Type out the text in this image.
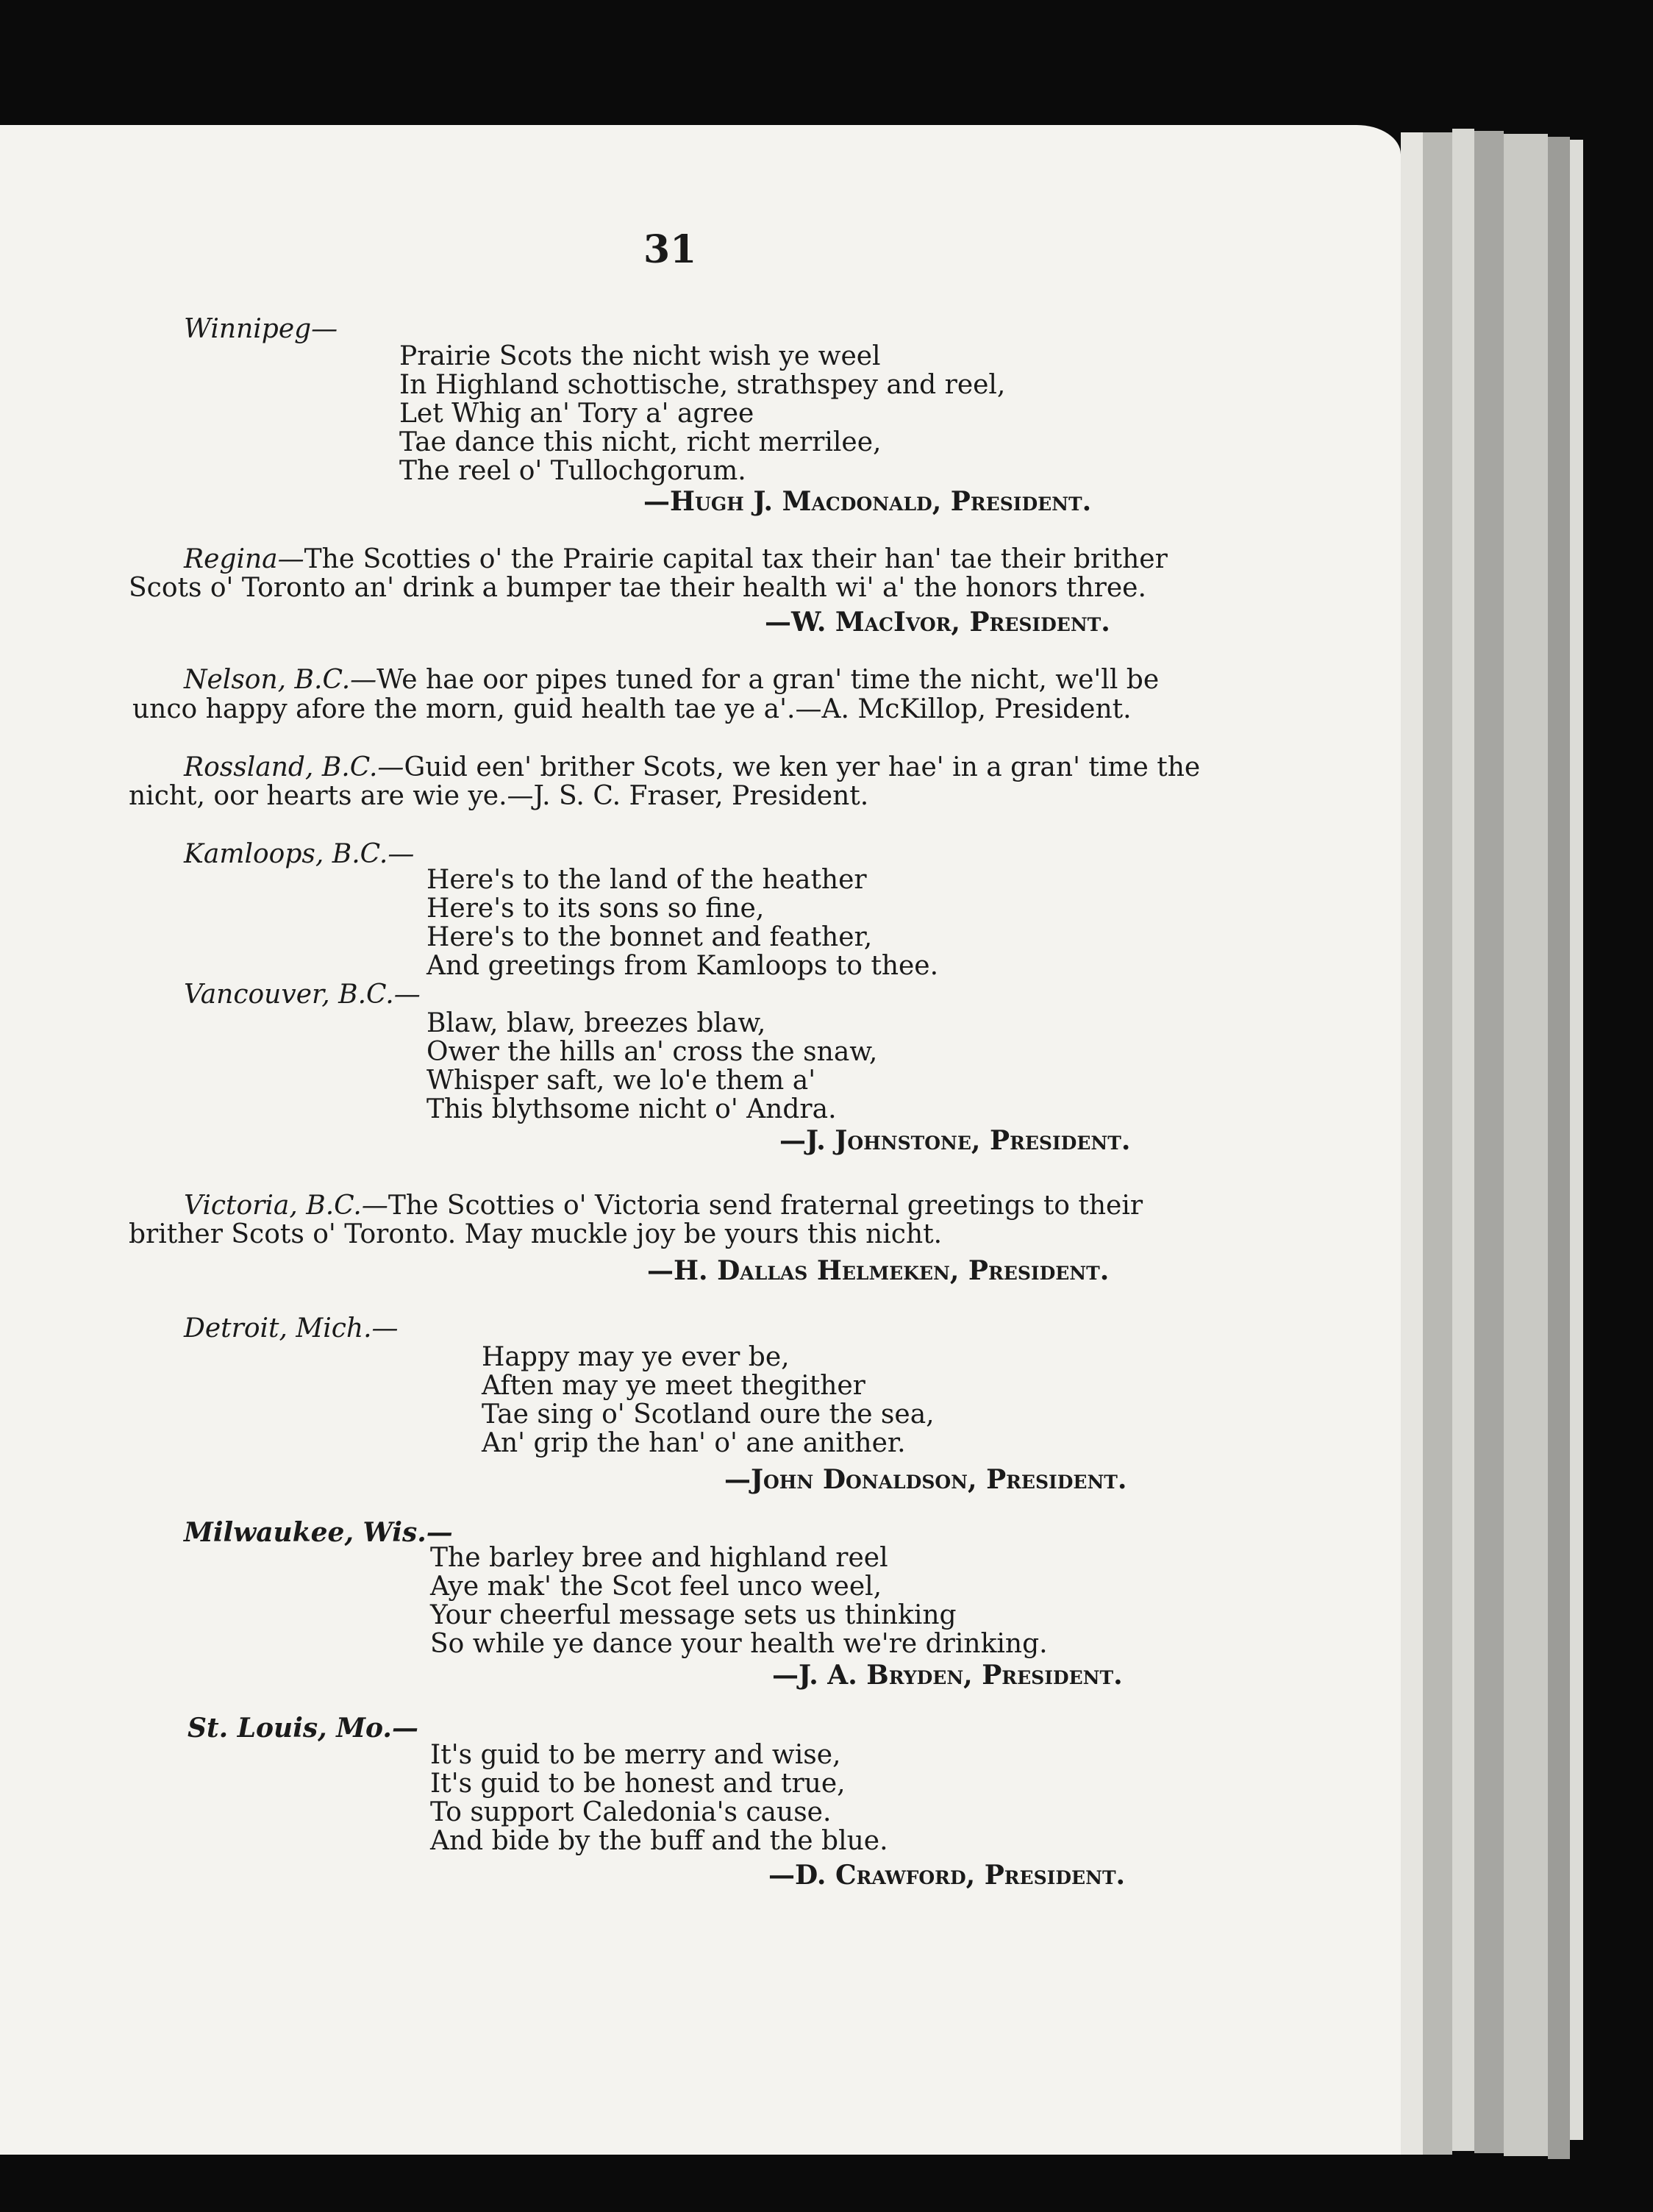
31
Winnipeg—
Prairie Scots the nicht wish ye weel
In Highland schottische, strathspey and reel,
Let Whig an' Tory a' agree
Tae dance this nicht, richt merrilee,
The reel o' Tullochgorum.
—Hugh J. Macdonald, President.
Regina—The Scotties o' the Prairie capital tax their han' tae their brither
Scots o' Toronto an' drink a bumper tae their health wi' a' the honors three.
—W. MacIvor, President.
Nelson, B.C.—We hae oor pipes tuned for a gran' time the nicht, we'll be
unco happy afore the morn, guid health tae ye a'.—A. McKillop, President.
Rossland, B.C.—Guid een' brither Scots, we ken yer hae' in a gran' time the
nicht, oor hearts are wie ye.—J. S. C. Fraser, President.
Kamloops, B.C.—
Here's to the land of the heather
Here's to its sons so fine,
Here's to the bonnet and feather,
And greetings from Kamloops to thee.
Vancouver, B.C.—
Blaw, blaw, breezes blaw,
Ower the hills an' cross the snaw,
Whisper saft, we lo'e them a'
This blythsome nicht o' Andra.
—J. Johnstone, President.
Victoria, B.C.—The Scotties o' Victoria send fraternal greetings to their
brither Scots o' Toronto. May muckle joy be yours this nicht.
—H. Dallas Helmeken, President.
Detroit, Mich.—
Happy may ye ever be,
Aften may ye meet thegither
Tae sing o' Scotland oure the sea,
An' grip the han' o' ane anither.
—John Donaldson, President.
Milwaukee, Wis.—
The barley bree and highland reel
Aye mak' the Scot feel unco weel,
Your cheerful message sets us thinking
So while ye dance your health we're drinking.
—J. A. Bryden, President.
St. Louis, Mo.—
It's guid to be merry and wise,
It's guid to be honest and true,
To support Caledonia's cause.
And bide by the buff and the blue.
—D. Crawford, President.
